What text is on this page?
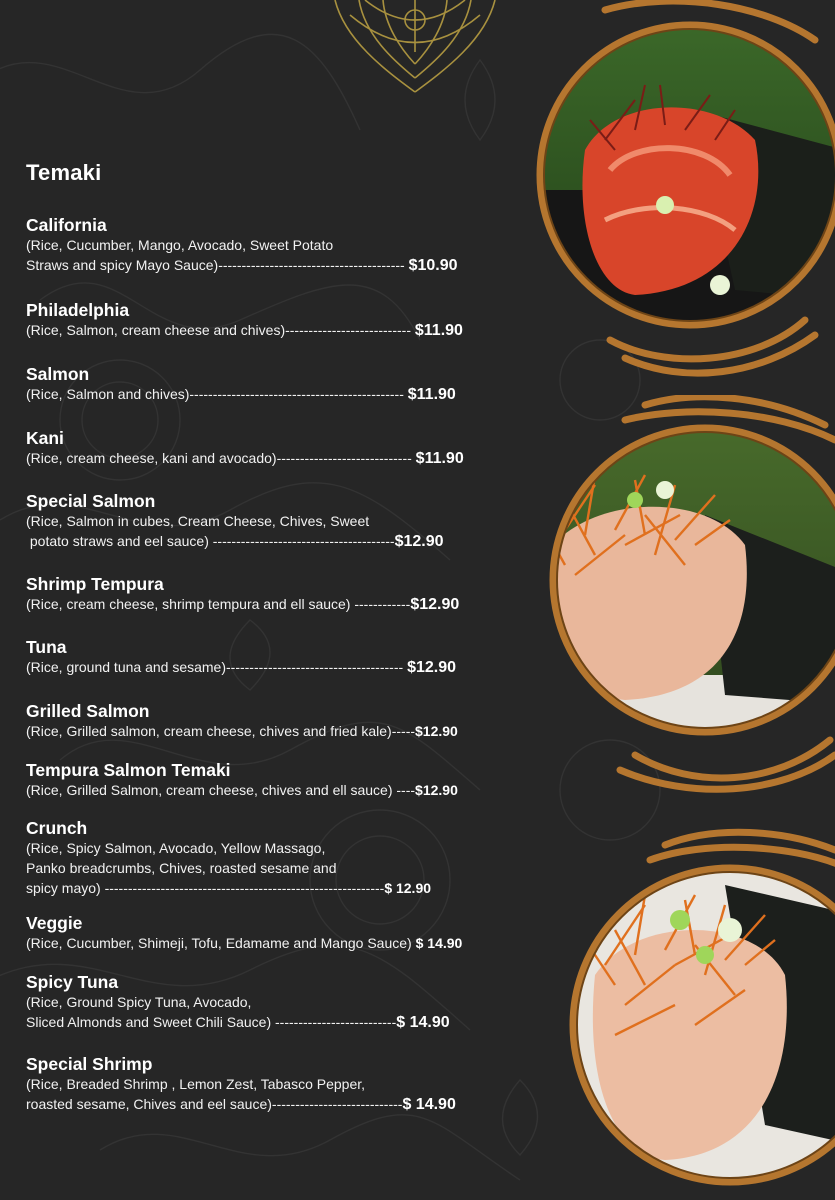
Temaki
California
(Rice, Cucumber, Mango, Avocado, Sweet Potato
Straws and spicy Mayo Sauce)---------------------------------------- $10.90
Philadelphia
(Rice, Salmon, cream cheese and chives)--------------------------- $11.90
Salmon
(Rice, Salmon and chives)---------------------------------------------- $11.90
Kani
(Rice, cream cheese, kani and avocado)----------------------------- $11.90
Special Salmon
(Rice, Salmon in cubes, Cream Cheese, Chives, Sweet
potato straws and eel sauce) ---------------------------------------$12.90
Shrimp Tempura
(Rice, cream cheese, shrimp tempura and ell sauce) ------------$12.90
Tuna
(Rice, ground tuna and sesame)-------------------------------------- $12.90
Grilled Salmon
(Rice, Grilled salmon, cream cheese, chives and fried kale)-----$12.90
Tempura Salmon Temaki
(Rice, Grilled Salmon, cream cheese, chives and ell sauce) ----$12.90
Crunch
(Rice, Spicy Salmon, Avocado, Yellow Massago,
Panko breadcrumbs, Chives, roasted sesame and
spicy mayo) ------------------------------------------------------------$ 12.90
Veggie
(Rice, Cucumber, Shimeji, Tofu, Edamame and Mango Sauce) $ 14.90
Spicy Tuna
(Rice, Ground Spicy Tuna, Avocado,
Sliced Almonds and Sweet Chili Sauce) --------------------------$ 14.90
Special Shrimp
(Rice, Breaded Shrimp , Lemon Zest, Tabasco Pepper,
roasted sesame, Chives and eel sauce)----------------------------$ 14.90
